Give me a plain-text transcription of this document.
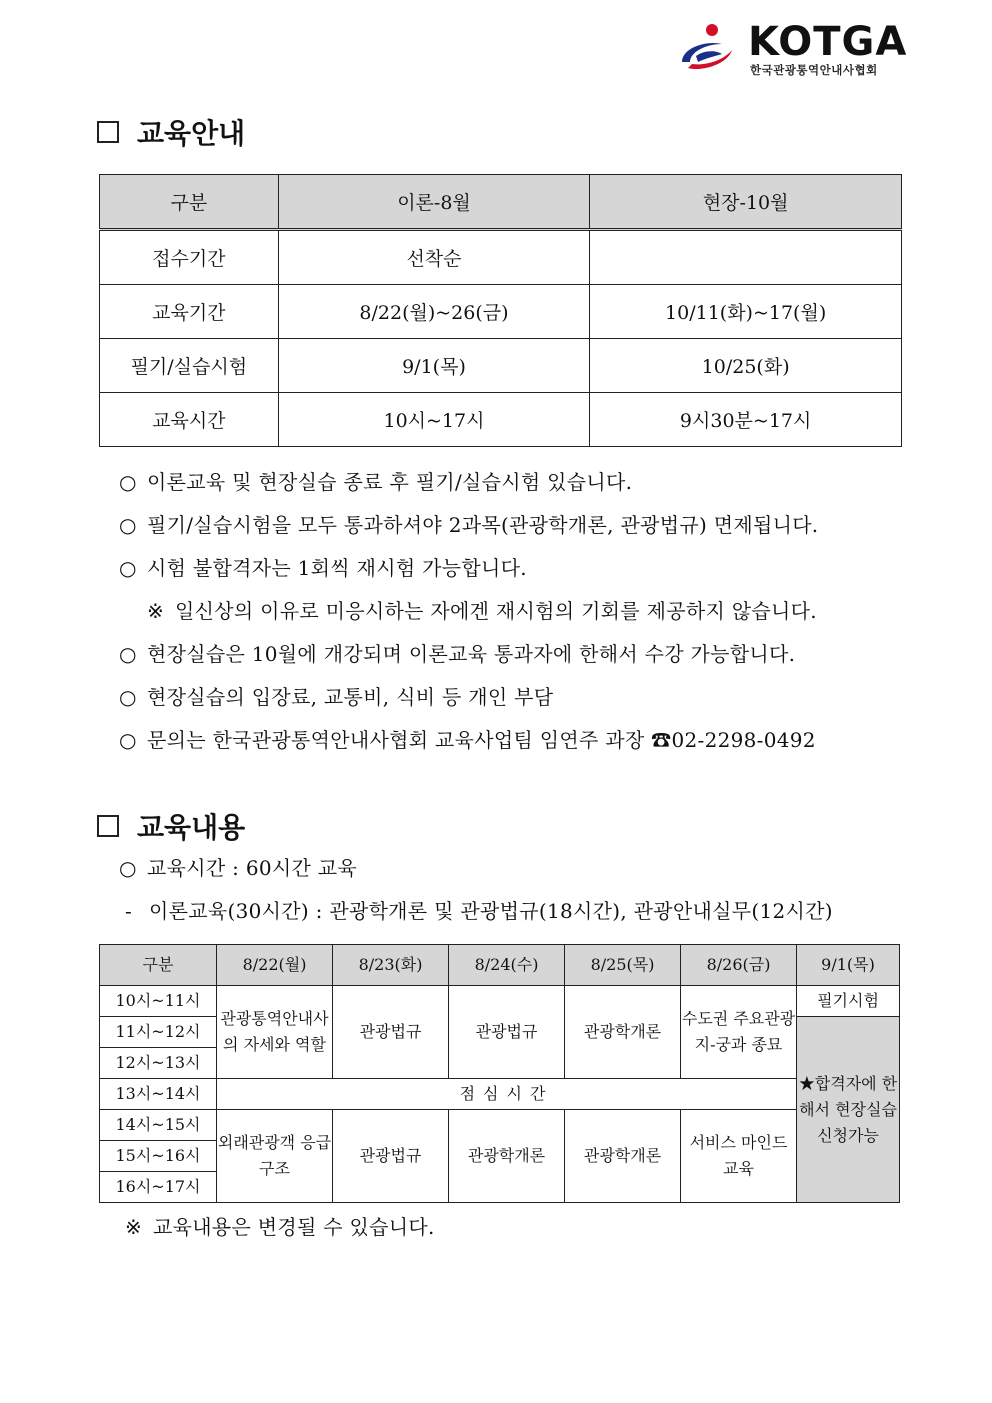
KOTGA
한국관광통역안내사협회
교육안내
구분	이론-8월	현장-10월
접수기간	선착순	
교육기간	8/22(월)~26(금)	10/11(화)~17(월)
필기/실습시험	9/1(목)	10/25(화)
교육시간	10시~17시	9시30분~17시
○ 이론교육 및 현장실습 종료 후 필기/실습시험 있습니다.
○ 필기/실습시험을 모두 통과하셔야 2과목(관광학개론, 관광법규) 면제됩니다.
○ 시험 불합격자는 1회씩 재시험 가능합니다.
※ 일신상의 이유로 미응시하는 자에겐 재시험의 기회를 제공하지 않습니다.
○ 현장실습은 10월에 개강되며 이론교육 통과자에 한해서 수강 가능합니다.
○ 현장실습의 입장료, 교통비, 식비 등 개인 부담
○ 문의는 한국관광통역안내사협회 교육사업팀 임연주 과장 ☎02-2298-0492
교육내용
○ 교육시간 : 60시간 교육
- 이론교육(30시간) : 관광학개론 및 관광법규(18시간), 관광안내실무(12시간)
구분	8/22(월)	8/23(화)	8/24(수)	8/25(목)	8/26(금)	9/1(목)
10시~11시	관광통역안내사의 자세와 역할	관광법규	관광법규	관광학개론	수도권 주요관광지-궁과 종묘	필기시험
11시~12시						★합격자에 한해서 현장실습 신청가능
12시~13시						
13시~14시	점심시간					
14시~15시	외래관광객 응급구조	관광법규	관광학개론	관광학개론	서비스 마인드 교육	
15시~16시						
16시~17시						
※ 교육내용은 변경될 수 있습니다.
